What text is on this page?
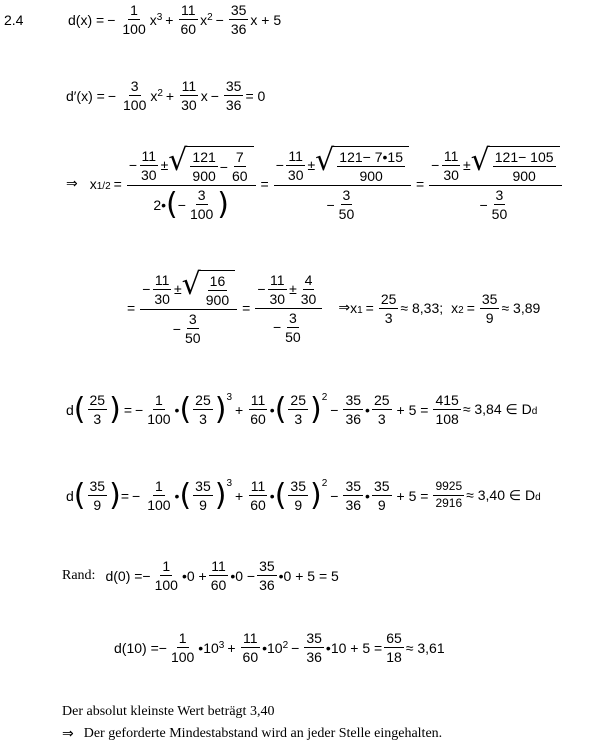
2.4	d(x) = − $\frac{1}{100} x^3 + \frac{11}{60} x^2 - \frac{35}{36}$ x + 5
d′(x) = − $\frac{3}{100} x^2 + \frac{11}{30}$ $x - \frac{35}{36} = 0$
⇒ $x_{1/2}$ =
− $\frac{11}{30}$ ± √ $\frac{121}{900} - \frac{7}{60}$
2• ( − $\frac{3}{100}$ )
= $\frac{- \frac{11}{30} \pm √ \frac{121- 7•15}{900}}{- \frac{3}{50}} = \frac{- \frac{11}{30} \pm √ \frac{121- 105}{900}}{- \frac{3}{50}}$
= $\frac{- \frac{11}{30} \pm √ \frac{16}{900}}{- \frac{3}{50}} = \frac{- \frac{11}{30} \pm \frac{4}{30}}{- \frac{3}{50}}$ ⇒ $x_1 = \frac{25}{3} \approx 8,33$; $x_2 = \frac{35}{9} \approx 3,89$
d ( $\frac{25}{3}$ ) = − $\frac{1}{100}$ • ( $\frac{25}{3} )^3$
+ $\frac{11}{60}$ • ( $\frac{25}{3} )^2$
− $\frac{35}{36}$ • $\frac{25}{3} + 5 = \frac{415}{108} \approx 3,84$ ∈ $D_d$
d ( $\frac{35}{9}$ ) = − $\frac{1}{100}$ • ( $\frac{35}{9} )^3$
+ $\frac{11}{60}$ • ( $\frac{35}{9} )^2$
− $\frac{35}{36}$ • $\frac{35}{9} + 5 = \frac{9925}{2916} \approx 3,40$ ∈ $D_d$
Rand: d(0) = − $\frac{1}{100}$ •0 + $\frac{11}{60}$ •0 − $\frac{35}{36}$ •0 + 5 = 5
d(10) = − $\frac{1}{100}$ $•10^3 + \frac{11}{60}$ $•10^2 - \frac{35}{36}$ •10 + $5 = \frac{65}{18} \approx 3,61$
Der absolut kleinste Wert beträgt 3,40
⇒ Der geforderte Mindestabstand wird an jeder Stelle eingehalten.
